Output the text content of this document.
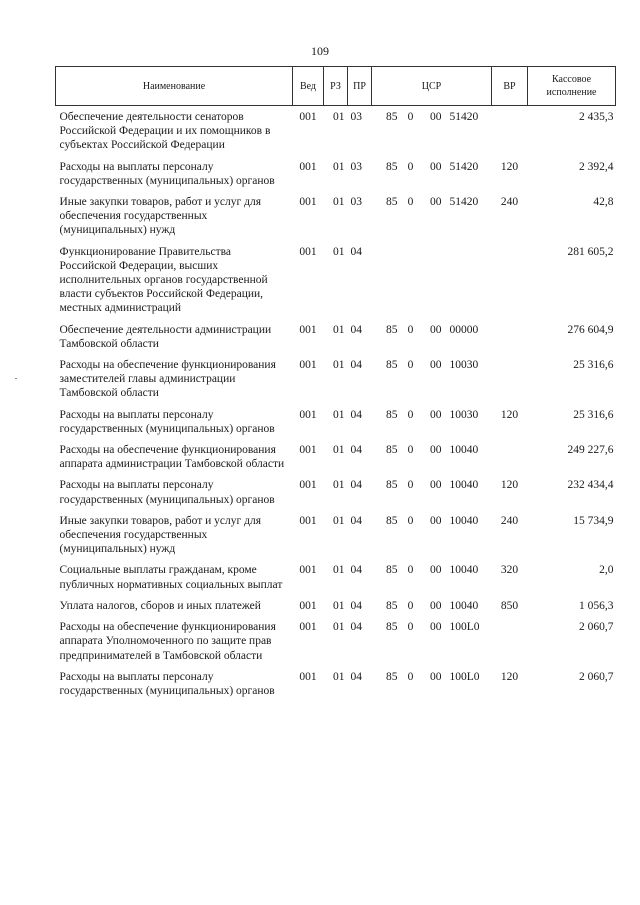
109
Наименование	Вед	РЗ	ПР	ЦСР				ВР	Кассовое
исполнение
Обеспечение деятельности сенаторов Российской Федерации и их помощников в субъектах Российской Федерации	001	01	03	85	0	00	51420		2 435,3
Расходы на выплаты персоналу государственных (муниципальных) органов	001	01	03	85	0	00	51420	120	2 392,4
Иные закупки товаров, работ и услуг для обеспечения государственных (муниципальных) нужд	001	01	03	85	0	00	51420	240	42,8
Функционирование Правительства Российской Федерации, высших исполнительных органов государственной власти субъектов Российской Федерации, местных администраций	001	01	04						281 605,2
Обеспечение деятельности администрации Тамбовской области	001	01	04	85	0	00	00000		276 604,9
Расходы на обеспечение функционирования заместителей главы администрации Тамбовской области	001	01	04	85	0	00	10030		25 316,6
Расходы на выплаты персоналу государственных (муниципальных) органов	001	01	04	85	0	00	10030	120	25 316,6
Расходы на обеспечение функционирования аппарата администрации Тамбовской области	001	01	04	85	0	00	10040		249 227,6
Расходы на выплаты персоналу государственных (муниципальных) органов	001	01	04	85	0	00	10040	120	232 434,4
Иные закупки товаров, работ и услуг для обеспечения государственных (муниципальных) нужд	001	01	04	85	0	00	10040	240	15 734,9
Социальные выплаты гражданам, кроме публичных нормативных социальных выплат	001	01	04	85	0	00	10040	320	2,0
Уплата налогов, сборов и иных платежей	001	01	04	85	0	00	10040	850	1 056,3
Расходы на обеспечение функционирования аппарата Уполномоченного по защите прав предпринимателей в Тамбовской области	001	01	04	85	0	00	100L0		2 060,7
Расходы на выплаты персоналу государственных (муниципальных) органов	001	01	04	85	0	00	100L0	120	2 060,7
